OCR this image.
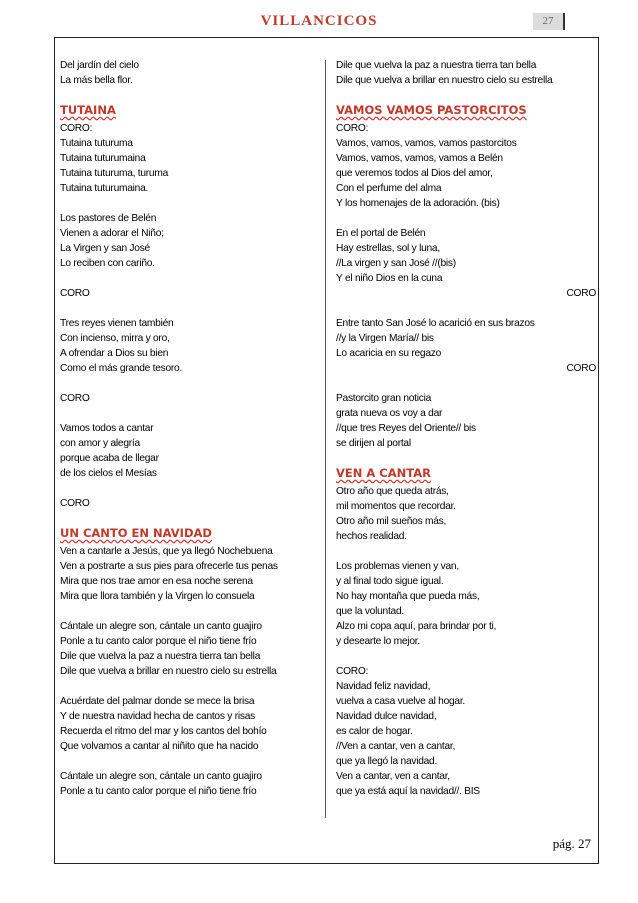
VILLANCICOS	27
Del jardín del cielo
La más bella flor.
TUTAINA
CORO:
Tutaina tuturuma
Tutaina tuturumaina
Tutaina tuturuma, turuma
Tutaina tuturumaina.
Los pastores de Belén
Vienen a adorar el Niño;
La Virgen y san José
Lo reciben con cariño.
CORO
Tres reyes vienen también
Con incienso, mirra y oro,
A ofrendar a Dios su bien
Como el más grande tesoro.
CORO
Vamos todos a cantar
con amor y alegría
porque acaba de llegar
de los cielos el Mesías
CORO
UN CANTO EN NAVIDAD
Ven a cantarle a Jesús, que ya llegó Nochebuena
Ven a postrarte a sus pies para ofrecerle tus penas
Mira que nos trae amor en esa noche serena
Mira que llora también y la Virgen lo consuela
Cántale un alegre son, cántale un canto guajiro
Ponle a tu canto calor porque el niño tiene frío
Dile que vuelva la paz a nuestra tierra tan bella
Dile que vuelva a brillar en nuestro cielo su estrella
Acuérdate del palmar donde se mece la brisa
Y de nuestra navidad hecha de cantos y risas
Recuerda el ritmo del mar y los cantos del bohío
Que volvamos a cantar al niñito que ha nacido
Cántale un alegre son, cántale un canto guajiro
Ponle a tu canto calor porque el niño tiene frío
Dile que vuelva la paz a nuestra tierra tan bella
Dile que vuelva a brillar en nuestro cielo su estrella
VAMOS VAMOS PASTORCITOS
CORO:
Vamos, vamos, vamos, vamos pastorcitos
Vamos, vamos, vamos, vamos a Belén
que veremos todos al Dios del amor,
Con el perfume del alma
Y los homenajes de la adoración. (bis)
En el portal de Belén
Hay estrellas, sol y luna,
//La virgen y san José //(bis)
Y el niño Dios en la cuna
CORO
Entre tanto San José lo acarició en sus brazos
//y la Virgen María// bis
Lo acaricia en su regazo
CORO
Pastorcito gran noticia
grata nueva os voy a dar
//que tres Reyes del Oriente// bis
se dirijen al portal
VEN A CANTAR
Otro año que queda atrás,
mil momentos que recordar.
Otro año mil sueños más,
hechos realidad.
Los problemas vienen y van,
y al final todo sigue igual.
No hay montaña que pueda más,
que la voluntad.
Alzo mi copa aquí, para brindar por ti,
y desearte lo mejor.
CORO:
Navidad feliz navidad,
vuelva a casa vuelve al hogar.
Navidad dulce navidad,
es calor de hogar.
//Ven a cantar, ven a cantar,
que ya llegó la navidad.
Ven a cantar, ven a cantar,
que ya está aquí la navidad//. BIS
pág. 27
